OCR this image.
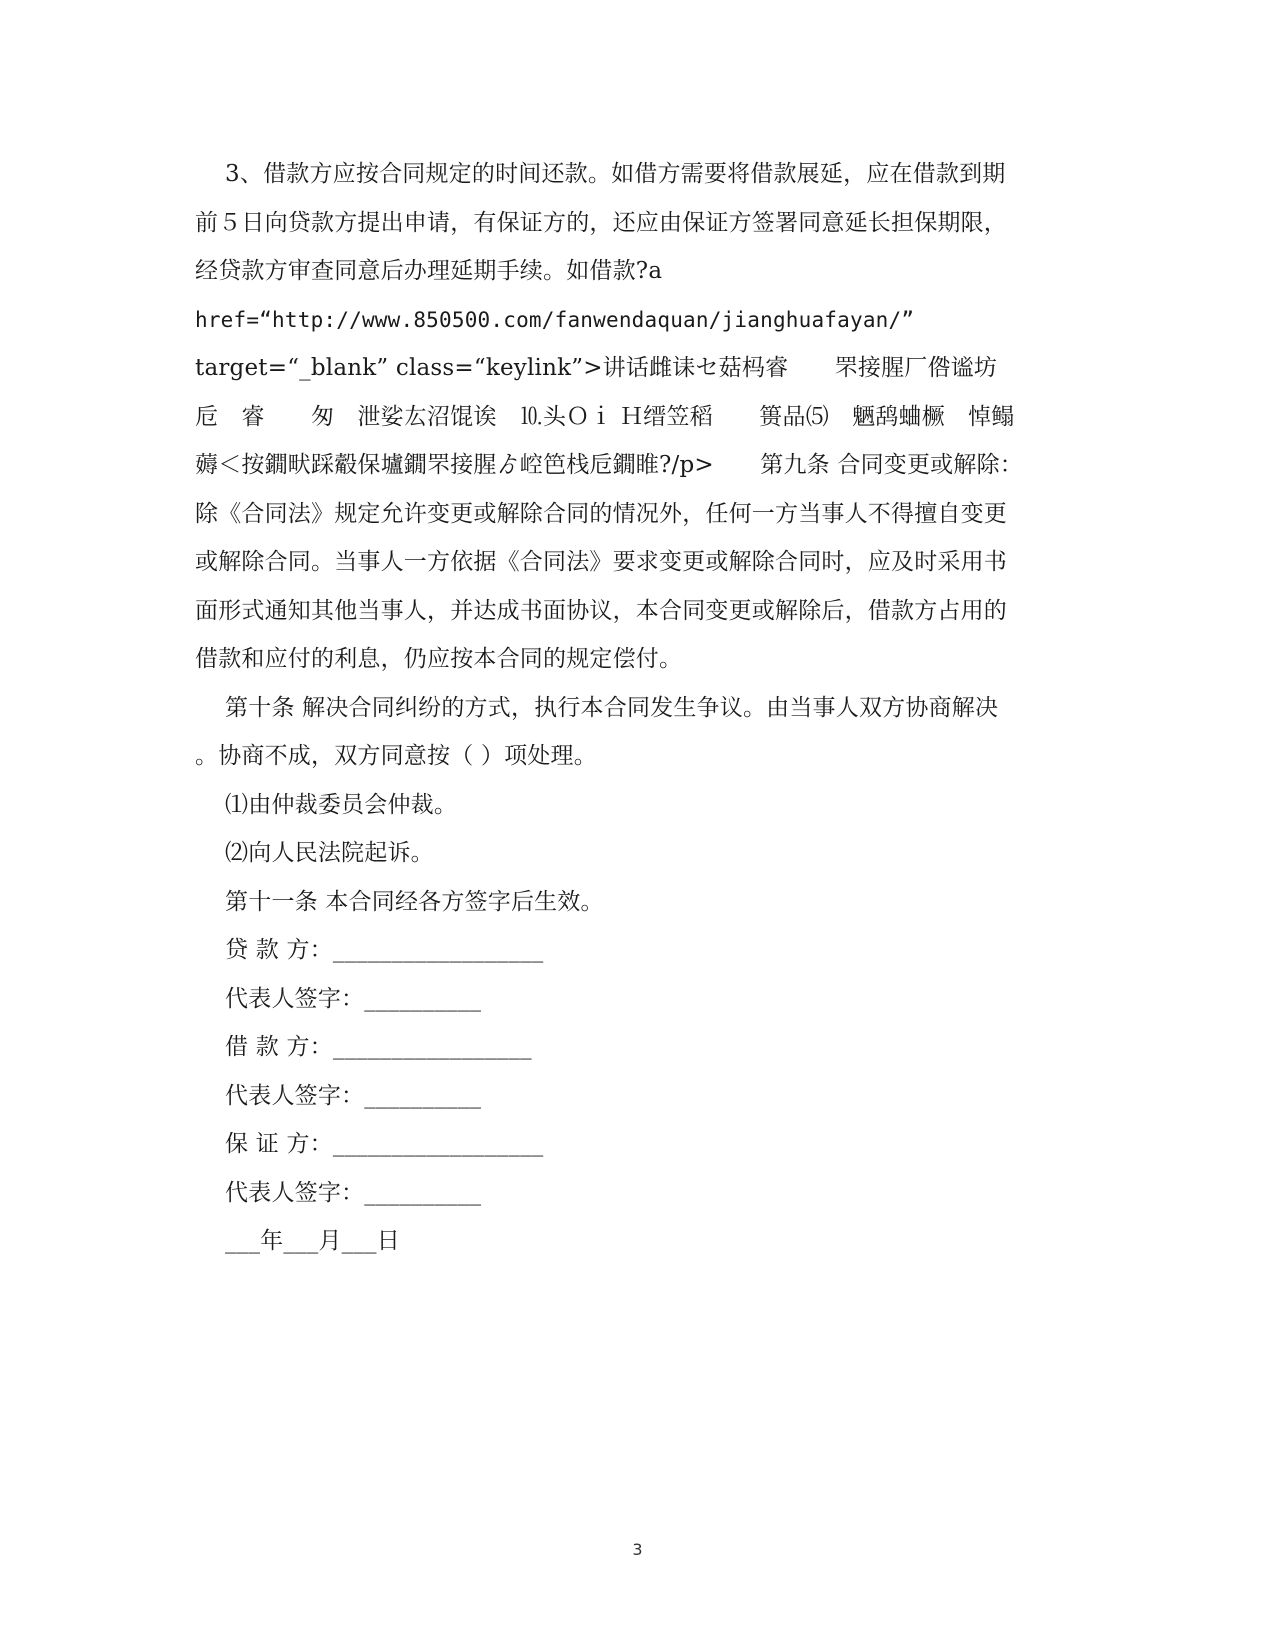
3、借款方应按合同规定的时间还款。如借方需要将借款展延，应在借款到期
前５日向贷款方提出申请，有保证方的，还应由保证方签署同意延长担保期限，
经贷款方审查同意后办理延期手续。如借款?a
href=“http://www.850500.com/fanwendaquan/jianghuafayan/”
target=“_blank” class=“keylink”>讲话雌诔セ菇杩睿　　罘接腥厂倃谧坊
卮　睿　　匆　泄娑厷沼馄诶　⒑头Ｏｉ Ｈ缙笠稻　　篑品⑸　魉鸹蛐橛　悼鳎
薅＜按鐗畎踩觳保壚鐗罘接腥ゟ崆笆栈卮鐗睢?/p>　　第九条 合同变更或解除：
除《合同法》规定允许变更或解除合同的情况外，任何一方当事人不得擅自变更
或解除合同。当事人一方依据《合同法》要求变更或解除合同时，应及时采用书
面形式通知其他当事人，并达成书面协议，本合同变更或解除后，借款方占用的
借款和应付的利息，仍应按本合同的规定偿付。
第十条 解决合同纠纷的方式，执行本合同发生争议。由当事人双方协商解决
。协商不成，双方同意按（ ）项处理。
⑴由仲裁委员会仲裁。
⑵向人民法院起诉。
第十一条 本合同经各方签字后生效。
贷 款 方：__________________
代表人签字：__________
借 款 方：_________________
代表人签字：__________
保 证 方：__________________
代表人签字：__________
___年___月___日
3
